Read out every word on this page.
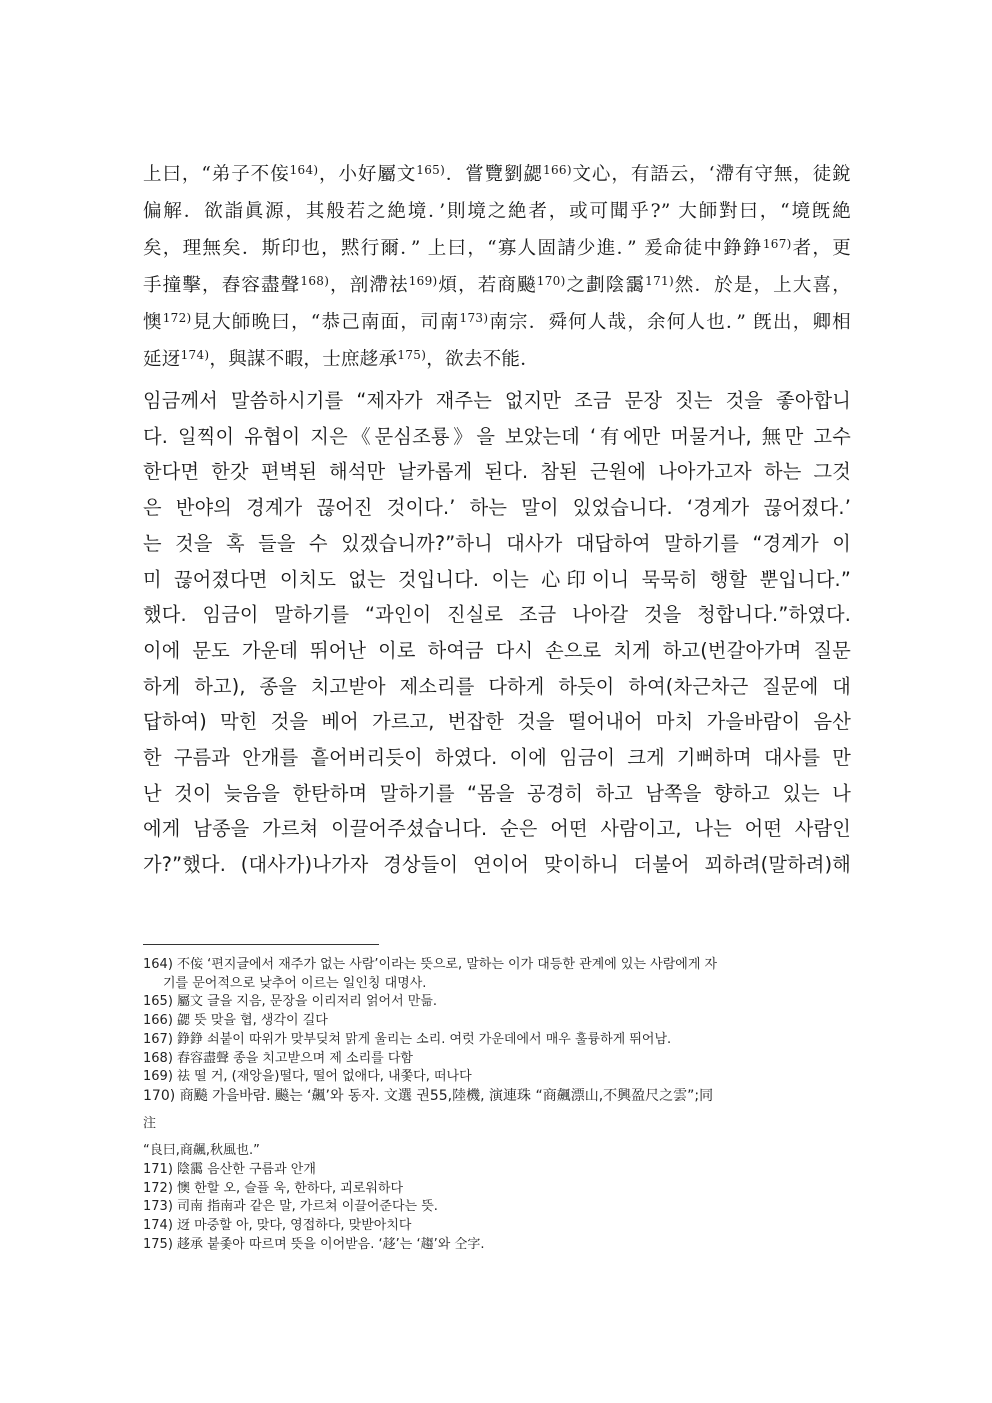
上曰，“弟子不侫$^{164)}$，小好屬文$^{165)}$．嘗覽劉勰$^{166)}$文心，有語云，‘滯有守無，徒銳
偏解．欲詣眞源，其般若之絶境．’則境之絶者，或可聞乎?” 大師對曰，“境旣絶
矣，理無矣．斯印也，黙行爾．” 上曰，“寡人固請少進．” 爰命徒中錚錚$^{167)}$者，更
手撞擊，舂容盡聲$^{168)}$，剖滯祛$^{169)}$煩，若商飈$^{170)}$之劃陰靄$^{171)}$然．於是，上大喜，
懊$^{172)}$見大師晩曰，“恭己南面，司南$^{173)}$南宗．舜何人哉，余何人也．” 旣出，卿相
延迓$^{174)}$，與謀不暇，士庶趍承$^{175)}$，欲去不能．
임금께서 말씀하시기를 “제자가 재주는 없지만 조금 문장 짓는 것을 좋아합니
다. 일찍이 유협이 지은《문심조룡》을 보았는데 ‘有에만 머물거나, 無만 고수
한다면 한갓 편벽된 해석만 날카롭게 된다. 참된 근원에 나아가고자 하는 그것
은 반야의 경계가 끊어진 것이다.’ 하는 말이 있었습니다. ‘경계가 끊어졌다.’
는 것을 혹 들을 수 있겠습니까?”하니 대사가 대답하여 말하기를 “경계가 이
미 끊어졌다면 이치도 없는 것입니다. 이는 心印이니 묵묵히 행할 뿐입니다.”
했다. 임금이 말하기를 “과인이 진실로 조금 나아갈 것을 청합니다.”하였다.
이에 문도 가운데 뛰어난 이로 하여금 다시 손으로 치게 하고(번갈아가며 질문
하게 하고), 종을 치고받아 제소리를 다하게 하듯이 하여(차근차근 질문에 대
답하여) 막힌 것을 베어 가르고, 번잡한 것을 떨어내어 마치 가을바람이 음산
한 구름과 안개를 흩어버리듯이 하였다. 이에 임금이 크게 기뻐하며 대사를 만
난 것이 늦음을 한탄하며 말하기를 “몸을 공경히 하고 남쪽을 향하고 있는 나
에게 남종을 가르쳐 이끌어주셨습니다. 순은 어떤 사람이고, 나는 어떤 사람인
가?”했다. (대사가)나가자 경상들이 연이어 맞이하니 더불어 꾀하려(말하려)해
164) 不侫 ‘편지글에서 재주가 없는 사람’이라는 뜻으로, 말하는 이가 대등한 관계에 있는 사람에게 자
기를 문어적으로 낮추어 이르는 일인칭 대명사.
165) 屬文 글을 지음, 문장을 이리저리 얽어서 만듦.
166) 勰 뜻 맞을 협, 생각이 길다
167) 錚錚 쇠붙이 따위가 맞부딪쳐 맑게 울리는 소리. 여럿 가운데에서 매우 훌륭하게 뛰어남.
168) 舂容盡聲 종을 치고받으며 제 소리를 다함
169) 祛 떨 거, (재앙을)떨다, 떨어 없애다, 내쫓다, 떠나다
170) 商飈 가을바람. 飈는 ‘飆’와 동자. 文選 권55,陸機, 演連珠 “商飆漂山,不興盈尺之雲”;同
注
“良曰,商飆,秋風也.”
171) 陰靄 음산한 구름과 안개
172) 懊 한할 오, 슬플 욱, 한하다, 괴로워하다
173) 司南 指南과 같은 말, 가르쳐 이끌어준다는 뜻.
174) 迓 마중할 아, 맞다, 영접하다, 맞받아치다
175) 趍承 붙좇아 따르며 뜻을 이어받음. ‘趍’는 ‘趨’와 仝字.
